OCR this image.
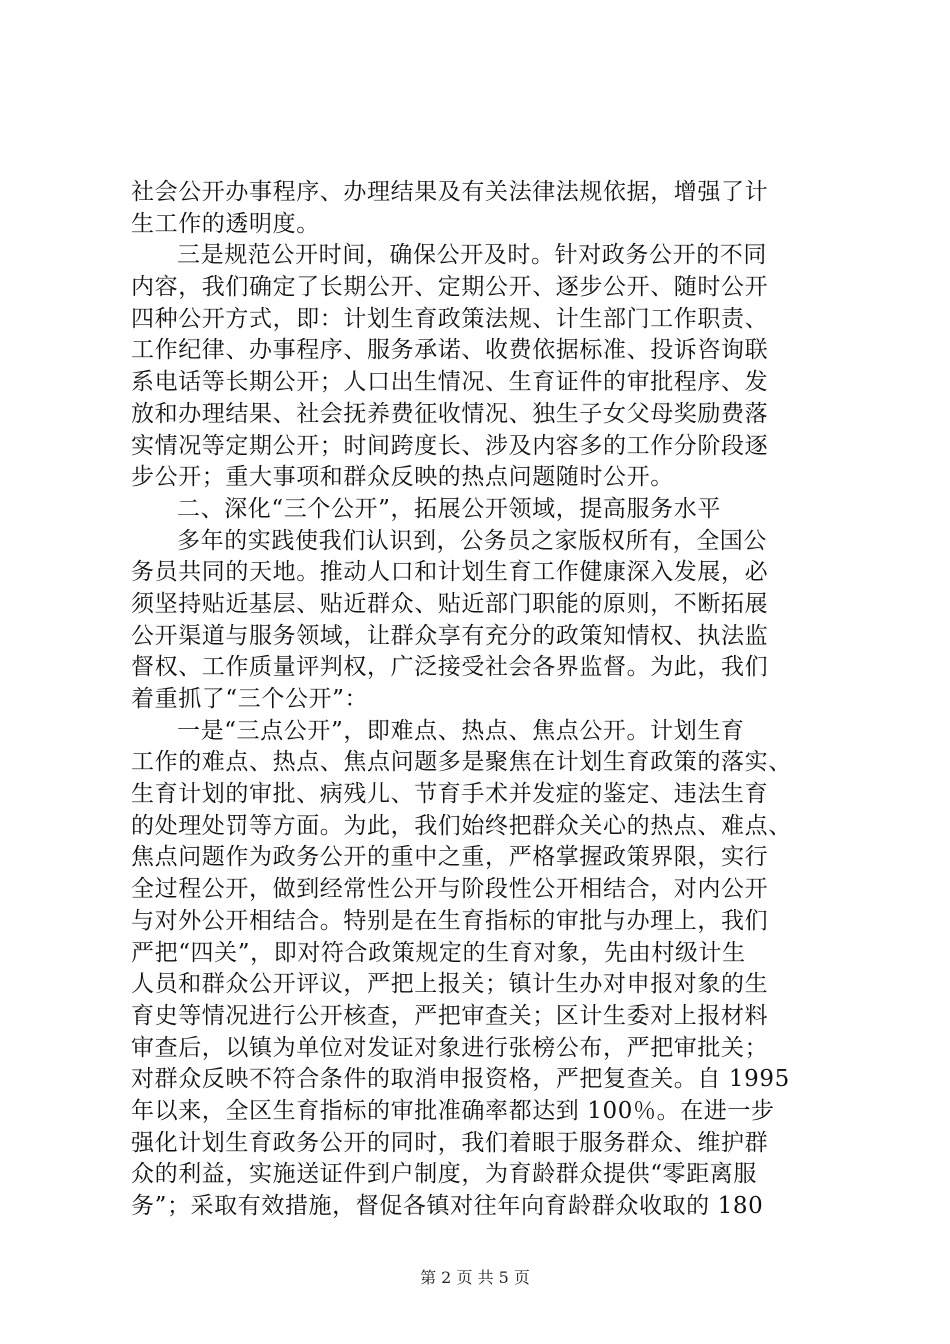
社会公开办事程序、办理结果及有关法律法规依据，增强了计
生工作的透明度。
三是规范公开时间，确保公开及时。针对政务公开的不同
内容，我们确定了长期公开、定期公开、逐步公开、随时公开
四种公开方式，即：计划生育政策法规、计生部门工作职责、
工作纪律、办事程序、服务承诺、收费依据标准、投诉咨询联
系电话等长期公开；人口出生情况、生育证件的审批程序、发
放和办理结果、社会抚养费征收情况、独生子女父母奖励费落
实情况等定期公开；时间跨度长、涉及内容多的工作分阶段逐
步公开；重大事项和群众反映的热点问题随时公开。
二、深化“三个公开”，拓展公开领域，提高服务水平
多年的实践使我们认识到，公务员之家版权所有，全国公
务员共同的天地。推动人口和计划生育工作健康深入发展，必
须坚持贴近基层、贴近群众、贴近部门职能的原则，不断拓展
公开渠道与服务领域，让群众享有充分的政策知情权、执法监
督权、工作质量评判权，广泛接受社会各界监督。为此，我们
着重抓了“三个公开”：
一是“三点公开”，即难点、热点、焦点公开。计划生育
工作的难点、热点、焦点问题多是聚焦在计划生育政策的落实、
生育计划的审批、病残儿、节育手术并发症的鉴定、违法生育
的处理处罚等方面。为此，我们始终把群众关心的热点、难点、
焦点问题作为政务公开的重中之重，严格掌握政策界限，实行
全过程公开，做到经常性公开与阶段性公开相结合，对内公开
与对外公开相结合。特别是在生育指标的审批与办理上，我们
严把“四关”，即对符合政策规定的生育对象，先由村级计生
人员和群众公开评议，严把上报关；镇计生办对申报对象的生
育史等情况进行公开核查，严把审查关；区计生委对上报材料
审查后，以镇为单位对发证对象进行张榜公布，严把审批关；
对群众反映不符合条件的取消申报资格，严把复查关。自 1995
年以来，全区生育指标的审批准确率都达到 100％。在进一步
强化计划生育政务公开的同时，我们着眼于服务群众、维护群
众的利益，实施送证件到户制度，为育龄群众提供“零距离服
务”；采取有效措施，督促各镇对往年向育龄群众收取的 180
第 2 页 共 5 页
